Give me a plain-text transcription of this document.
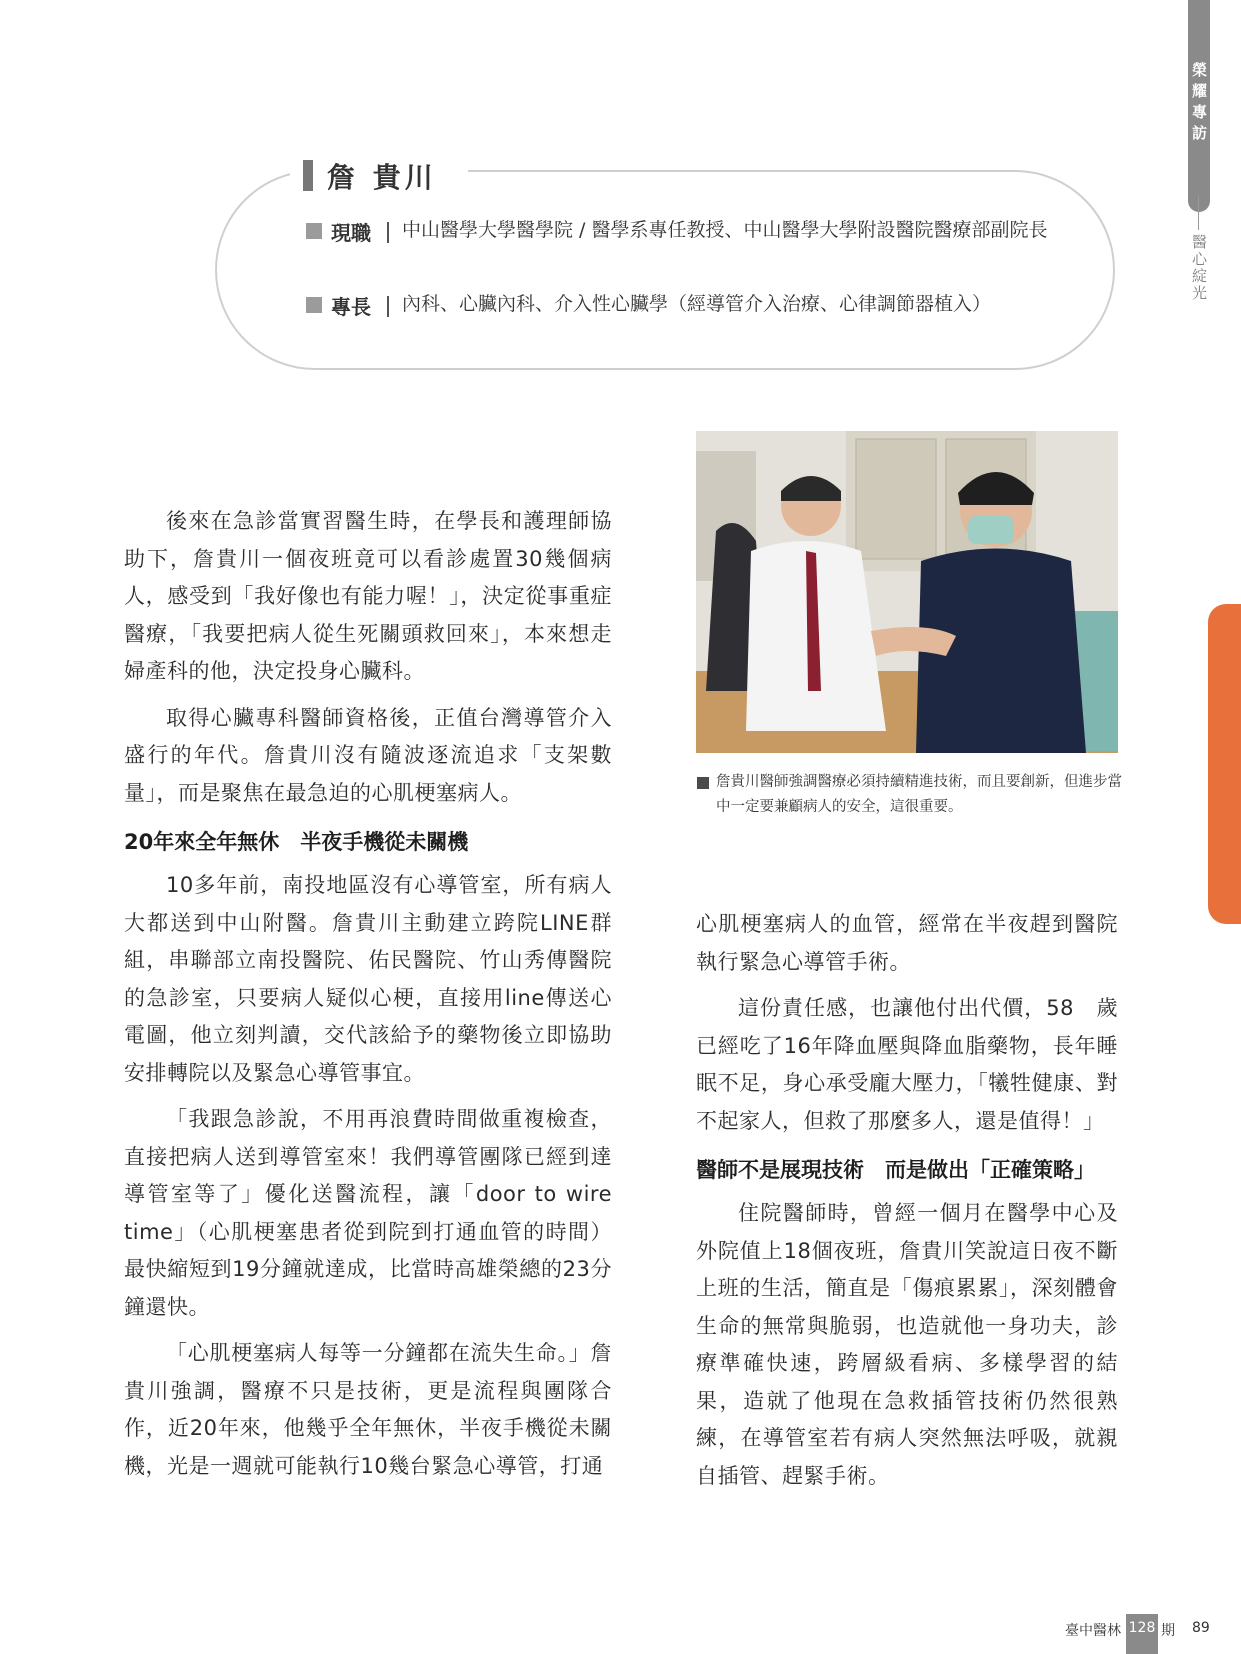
榮耀專訪
醫心綻光
詹 貴川
現職 中山醫學大學醫學院 / 醫學系專任教授、中山醫學大學附設醫院醫療部副院長
專長 內科、心臟內科、介入性心臟學（經導管介入治療、心律調節器植入）
詹貴川醫師強調醫療必須持續精進技術，而且要創新，但進步當中一定要兼顧病人的安全，這很重要。

後來在急診當實習醫生時，在學長和護理師協助下，詹貴川一個夜班竟可以看診處置30幾個病人，感受到「我好像也有能力喔！」，決定從事重症醫療，「我要把病人從生死關頭救回來」，本來想走婦產科的他，決定投身心臟科。

取得心臟專科醫師資格後，正值台灣導管介入盛行的年代。詹貴川沒有隨波逐流追求「支架數量」，而是聚焦在最急迫的心肌梗塞病人。

20年來全年無休　半夜手機從未關機

10多年前，南投地區沒有心導管室，所有病人大都送到中山附醫。詹貴川主動建立跨院LINE群組，串聯部立南投醫院、佑民醫院、竹山秀傳醫院的急診室，只要病人疑似心梗，直接用line傳送心電圖，他立刻判讀，交代該給予的藥物後立即協助安排轉院以及緊急心導管事宜。

「我跟急診說，不用再浪費時間做重複檢查，直接把病人送到導管室來！我們導管團隊已經到達導管室等了」優化送醫流程，讓「door to wire time」（心肌梗塞患者從到院到打通血管的時間）最快縮短到19分鐘就達成，比當時高雄榮總的23分鐘還快。

「心肌梗塞病人每等一分鐘都在流失生命。」詹貴川強調，醫療不只是技術，更是流程與團隊合作，近20年來，他幾乎全年無休，半夜手機從未關機，光是一週就可能執行10幾台緊急心導管，打通

心肌梗塞病人的血管，經常在半夜趕到醫院執行緊急心導管手術。

這份責任感，也讓他付出代價，58　歲已經吃了16年降血壓與降血脂藥物，長年睡眠不足，身心承受龐大壓力，「犧牲健康、對不起家人，但救了那麼多人，還是值得！」

醫師不是展現技術　而是做出「正確策略」

住院醫師時，曾經一個月在醫學中心及外院值上18個夜班，詹貴川笑說這日夜不斷上班的生活，簡直是「傷痕累累」，深刻體會生命的無常與脆弱，也造就他一身功夫，診療準確快速，跨層級看病、多樣學習的結果，造就了他現在急救插管技術仍然很熟練，在導管室若有病人突然無法呼吸，就親自插管、趕緊手術。

臺中醫林 128 期 89
